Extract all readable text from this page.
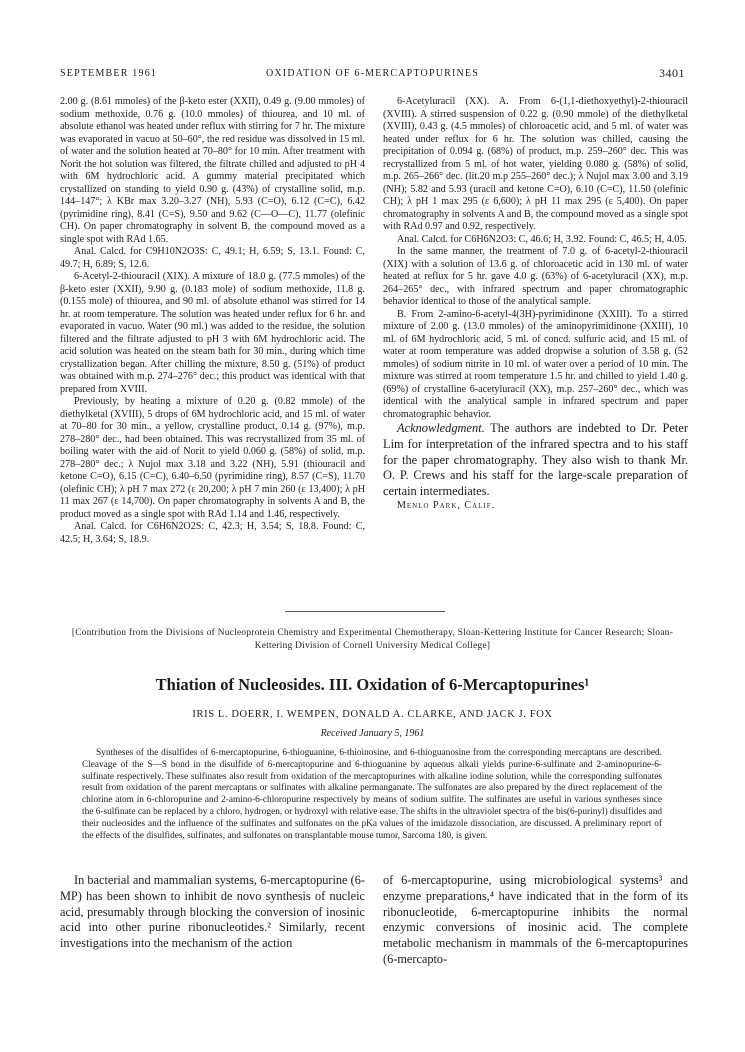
SEPTEMBER 1961	OXIDATION OF 6-MERCAPTOPURINES	3401

2.00 g. (8.61 mmoles) of the β-keto ester (XXII), 0.49 g. (9.00 mmoles) of sodium methoxide, 0.76 g. (10.0 mmoles) of thiourea, and 10 ml. of absolute ethanol was heated under reflux with stirring for 7 hr. The mixture was evaporated in vacuo at 50–60°, the red residue was dissolved in 15 ml. of water and the solution heated at 70–80° for 10 min. After treatment with Norit the hot solution was filtered, the filtrate chilled and adjusted to pH 4 with 6M hydrochloric acid. A gummy material precipitated which crystallized on standing to yield 0.90 g. (43%) of crystalline solid, m.p. 144–147°; λ KBr max 3.20–3.27 (NH), 5.93 (C=O), 6.12 (C=C), 6.42 (pyrimidine ring), 8.41 (C=S), 9.50 and 9.62 (C—O—C), 11.77 (olefinic CH). On paper chromatography in solvent B, the compound moved as a single spot with RAd 1.65.

Anal. Calcd. for C9H10N2O3S: C, 49.1; H, 6.59; S, 13.1. Found: C, 49.7; H, 6.89; S, 12.6.

6-Acetyl-2-thiouracil (XIX). A mixture of 18.0 g. (77.5 mmoles) of the β-keto ester (XXII), 9.90 g. (0.183 mole) of sodium methoxide, 11.8 g. (0.155 mole) of thiourea, and 90 ml. of absolute ethanol was stirred for 14 hr. at room temperature. The solution was heated under reflux for 6 hr. and evaporated in vacuo. Water (90 ml.) was added to the residue, the solution filtered and the filtrate adjusted to pH 3 with 6M hydrochloric acid. The acid solution was heated on the steam bath for 30 min., during which time crystallization began. After chilling the mixture, 8.50 g. (51%) of product was obtained with m.p. 274–276° dec.; this product was identical with that prepared from XVIII.

Previously, by heating a mixture of 0.20 g. (0.82 mmole) of the diethylketal (XVIII), 5 drops of 6M hydrochloric acid, and 15 ml. of water at 70–80 for 30 min., a yellow, crystalline product, 0.14 g. (97%), m.p. 278–280° dec., had been obtained. This was recrystallized from 35 ml. of boiling water with the aid of Norit to yield 0.060 g. (58%) of solid, m.p. 278–280° dec.; λ Nujol max 3.18 and 3.22 (NH), 5.91 (thiouracil and ketone C=O), 6.15 (C=C), 6.40–6.50 (pyrimidine ring), 8.57 (C=S), 11.70 (olefinic CH); λ pH 7 max 272 (ε 20,200; λ pH 7 min 260 (ε 13,400); λ pH 11 max 267 (ε 14,700). On paper chromatography in solvents A and B, the product moved as a single spot with RAd 1.14 and 1.46, respectively.

Anal. Calcd. for C6H6N2O2S: C, 42.3; H, 3.54; S, 18.8. Found: C, 42.5; H, 3.64; S, 18.9.

6-Acetyluracil (XX). A. From 6-(1,1-diethoxyethyl)-2-thiouracil (XVIII). A stirred suspension of 0.22 g. (0.90 mmole) of the diethylketal (XVIII), 0.43 g. (4.5 mmoles) of chloroacetic acid, and 5 ml. of water was heated under reflux for 6 hr. The solution was chilled, causing the precipitation of 0.094 g. (68%) of product, m.p. 259–260° dec. This was recrystallized from 5 ml. of hot water, yielding 0.080 g. (58%) of solid, m.p. 265–266° dec. (lit.20 m.p 255–260° dec.); λ Nujol max 3.00 and 3.19 (NH); 5.82 and 5.93 (uracil and ketone C=O), 6.10 (C=C), 11.50 (olefinic CH); λ pH 1 max 295 (ε 6,600); λ pH 11 max 295 (ε 5,400). On paper chromatography in solvents A and B, the compound moved as a single spot with RAd 0.97 and 0.92, respectively.

Anal. Calcd. for C6H6N2O3: C, 46.6; H, 3.92. Found: C, 46.5; H, 4.05.

In the same manner, the treatment of 7.0 g. of 6-acetyl-2-thiouracil (XIX) with a solution of 13.6 g. of chloroacetic acid in 130 ml. of water heated at reflux for 5 hr. gave 4.0 g. (63%) of 6-acetyluracil (XX), m.p. 264–265° dec., with infrared spectrum and paper chromatographic behavior identical to those of the analytical sample.

B. From 2-amino-6-acetyl-4(3H)-pyrimidinone (XXIII). To a stirred mixture of 2.00 g. (13.0 mmoles) of the aminopyrimidinone (XXIII), 10 ml. of 6M hydrochloric acid, 5 ml. of concd. sulfuric acid, and 15 ml. of water at room temperature was added dropwise a solution of 3.58 g. (52 mmoles) of sodium nitrite in 10 ml. of water over a period of 10 min. The mixture was stirred at room temperature 1.5 hr. and chilled to yield 1.40 g. (69%) of crystalline 6-acetyluracil (XX), m.p. 257–260° dec., which was identical with the analytical sample in infrared spectrum and paper chromatographic behavior.

Acknowledgment. The authors are indebted to Dr. Peter Lim for interpretation of the infrared spectra and to his staff for the paper chromatography. They also wish to thank Mr. O. P. Crews and his staff for the large-scale preparation of certain intermediates.

Menlo Park, Calif.

[Contribution from the Divisions of Nucleoprotein Chemistry and Experimental Chemotherapy, Sloan-Kettering Institute for Cancer Research; Sloan-Kettering Division of Cornell University Medical College]
Thiation of Nucleosides. III. Oxidation of 6-Mercaptopurines¹
IRIS L. DOERR, I. WEMPEN, DONALD A. CLARKE, AND JACK J. FOX
Received January 5, 1961

Syntheses of the disulfides of 6-mercaptopurine, 6-thioguanine, 6-thioinosine, and 6-thioguanosine from the corresponding mercaptans are described. Cleavage of the S—S bond in the disulfide of 6-mercaptopurine and 6-thioguanine by aqueous alkali yields purine-6-sulfinate and 2-aminopurine-6-sulfinate respectively. These sulfinates also result from oxidation of the mercaptopurines with alkaline iodine solution, while the corresponding sulfonates result from oxidation of the parent mercaptans or sulfinates with alkaline permanganate. The sulfonates are also prepared by the direct replacement of the chlorine atom in 6-chloropurine and 2-amino-6-chloropurine respectively by means of sodium sulfite. The sulfinates are useful in various syntheses since the 6-sulfinate can be replaced by a chloro, hydrogen, or hydroxyl with relative ease. The shifts in the ultraviolet spectra of the bis(6-purinyl) disulfides and their nucleosides and the influence of the sulfinates and sulfonates on the pKa values of the imidazole dissociation, are discussed. A preliminary report of the effects of the disulfides, sulfinates, and sulfonates on transplantable mouse tumor, Sarcoma 180, is given.

In bacterial and mammalian systems, 6-mercaptopurine (6-MP) has been shown to inhibit de novo synthesis of nucleic acid, presumably through blocking the conversion of inosinic acid into other purine ribonucleotides.² Similarly, recent investigations into the mechanism of the action

of 6-mercaptopurine, using microbiological systems³ and enzyme preparations,⁴ have indicated that in the form of its ribonucleotide, 6-mercaptopurine inhibits the normal enzymic conversions of inosinic acid. The complete metabolic mechanism in mammals of the 6-mercaptopurines (6-mercapto-
